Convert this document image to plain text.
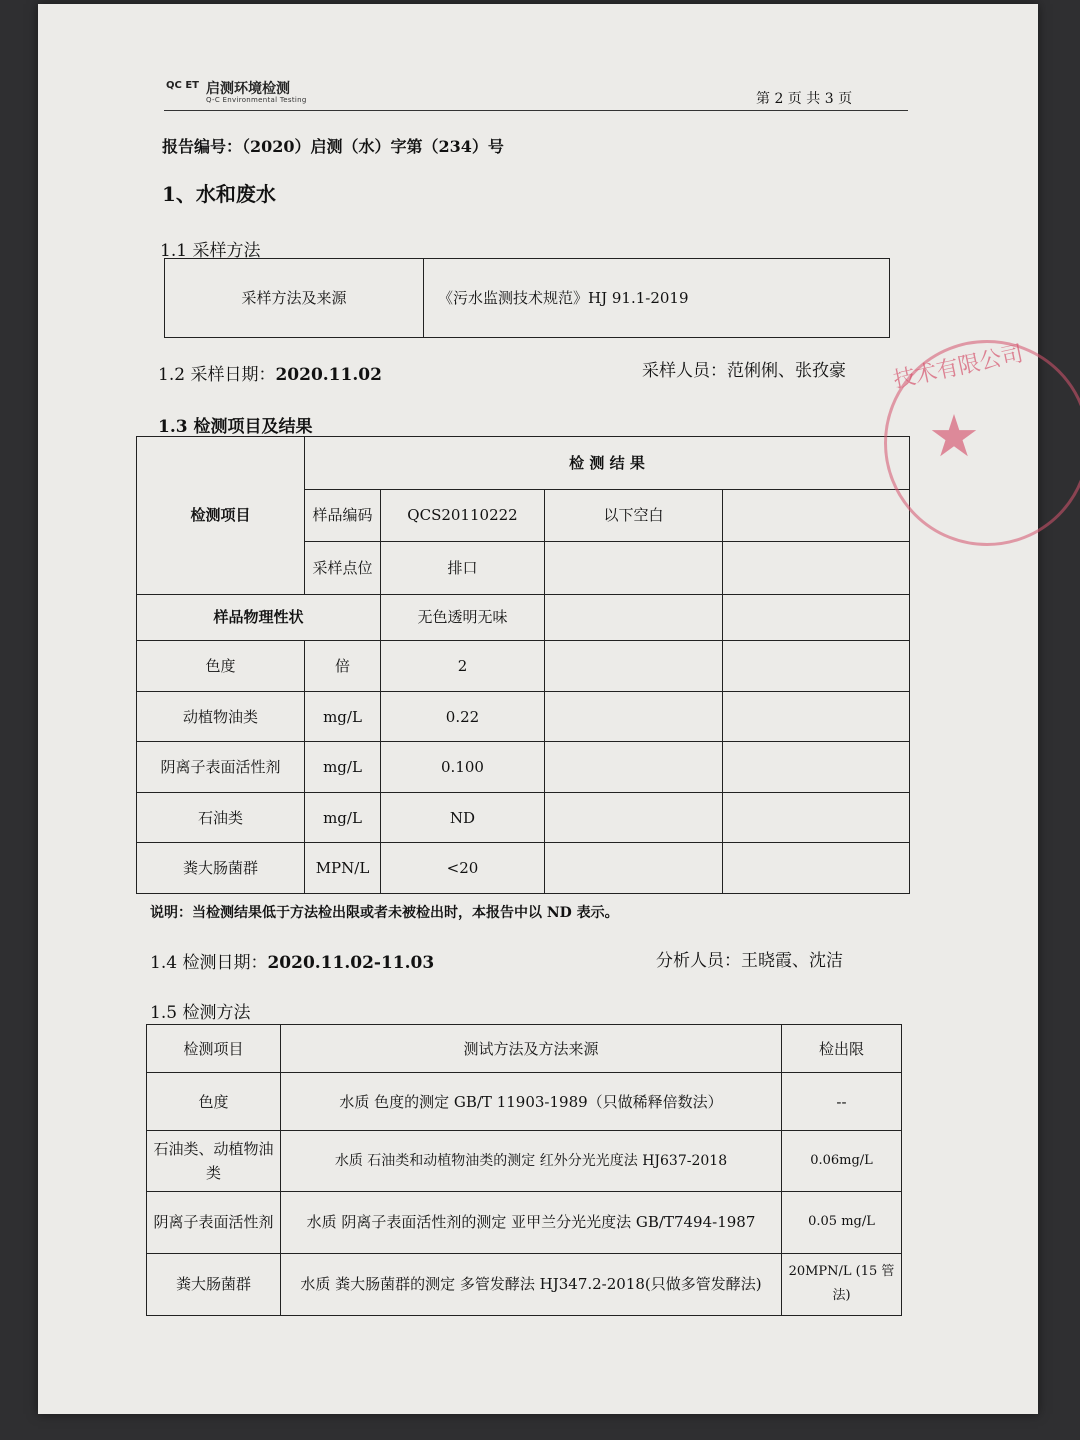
QC ET 启测环境检测
Q-C Environmental Testing	第 2 页 共 3 页
报告编号：（2020）启测（水）字第（234）号
1、水和废水
1.1 采样方法
采样方法及来源	《污水监测技术规范》HJ 91.1-2019
1.2 采样日期：2020.11.02	采样人员：范俐俐、张孜豪
1.3 检测项目及结果
检测项目	检 测 结 果			
	样品编码	QCS20110222	以下空白	
	采样点位	排口		
样品物理性状		无色透明无味		
色度	倍	2		
动植物油类	mg/L	0.22		
阴离子表面活性剂	mg/L	0.100		
石油类	mg/L	ND		
粪大肠菌群	MPN/L	<20		
说明：当检测结果低于方法检出限或者未被检出时，本报告中以 ND 表示。
1.4 检测日期：2020.11.02-11.03	分析人员：王晓霞、沈洁
1.5 检测方法
检测项目	测试方法及方法来源	检出限
色度	水质 色度的测定 GB/T 11903-1989（只做稀释倍数法）	--
石油类、动植物油类	水质 石油类和动植物油类的测定 红外分光光度法 HJ637-2018	0.06mg/L
阴离子表面活性剂	水质 阴离子表面活性剂的测定 亚甲兰分光光度法 GB/T7494-1987	0.05 mg/L
粪大肠菌群	水质 粪大肠菌群的测定 多管发酵法 HJ347.2-2018(只做多管发酵法)	20MPN/L (15 管法)
技术有限公司
★
